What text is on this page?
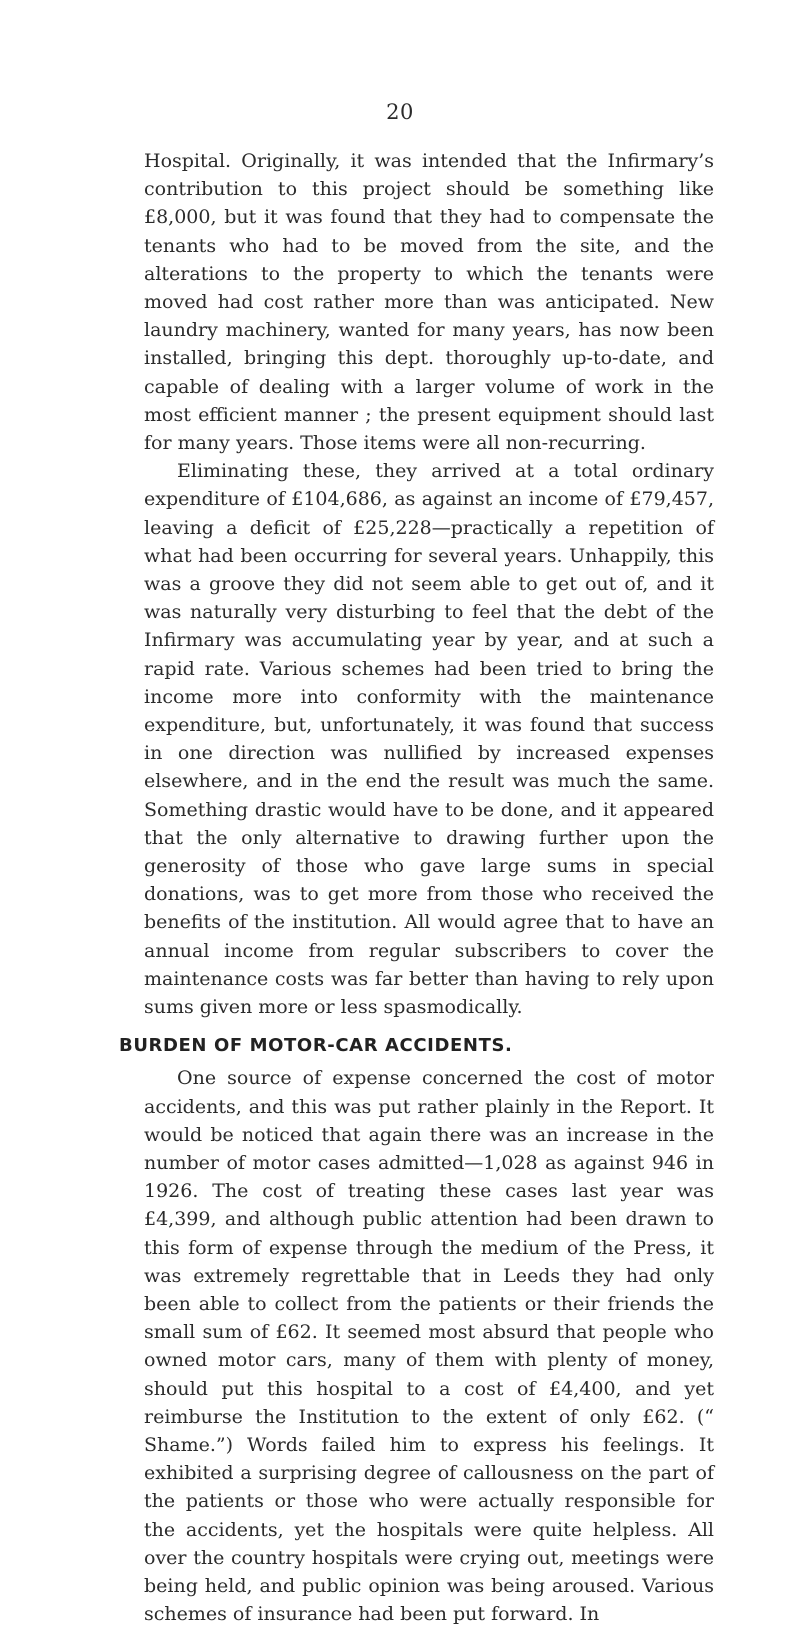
20

Hospital. Originally, it was intended that the Infirmary’s contribution to this project should be something like £8,000, but it was found that they had to compensate the tenants who had to be moved from the site, and the alterations to the property to which the tenants were moved had cost rather more than was anticipated. New laundry machinery, wanted for many years, has now been installed, bringing this dept. thoroughly up-to-date, and capable of dealing with a larger volume of work in the most efficient manner ; the present equipment should last for many years. Those items were all non-recurring.

Eliminating these, they arrived at a total ordinary expenditure of £104,686, as against an income of £79,457, leaving a deficit of £25,228—practically a repetition of what had been occurring for several years. Unhappily, this was a groove they did not seem able to get out of, and it was naturally very disturbing to feel that the debt of the Infirmary was accumulating year by year, and at such a rapid rate. Various schemes had been tried to bring the income more into conformity with the maintenance expenditure, but, unfortunately, it was found that success in one direction was nullified by increased expenses elsewhere, and in the end the result was much the same. Something drastic would have to be done, and it appeared that the only alternative to drawing further upon the generosity of those who gave large sums in special donations, was to get more from those who received the benefits of the institution. All would agree that to have an annual income from regular subscribers to cover the maintenance costs was far better than having to rely upon sums given more or less spasmodically.

BURDEN OF MOTOR-CAR ACCIDENTS.

One source of expense concerned the cost of motor accidents, and this was put rather plainly in the Report. It would be noticed that again there was an increase in the number of motor cases admitted—1,028 as against 946 in 1926. The cost of treating these cases last year was £4,399, and although public attention had been drawn to this form of expense through the medium of the Press, it was extremely regrettable that in Leeds they had only been able to collect from the patients or their friends the small sum of £62. It seemed most absurd that people who owned motor cars, many of them with plenty of money, should put this hospital to a cost of £4,400, and yet reimburse the Institution to the extent of only £62. (“ Shame.”) Words failed him to express his feelings. It exhibited a surprising degree of callousness on the part of the patients or those who were actually responsible for the accidents, yet the hospitals were quite helpless. All over the country hospitals were crying out, meetings were being held, and public opinion was being aroused. Various schemes of insurance had been put forward. In
